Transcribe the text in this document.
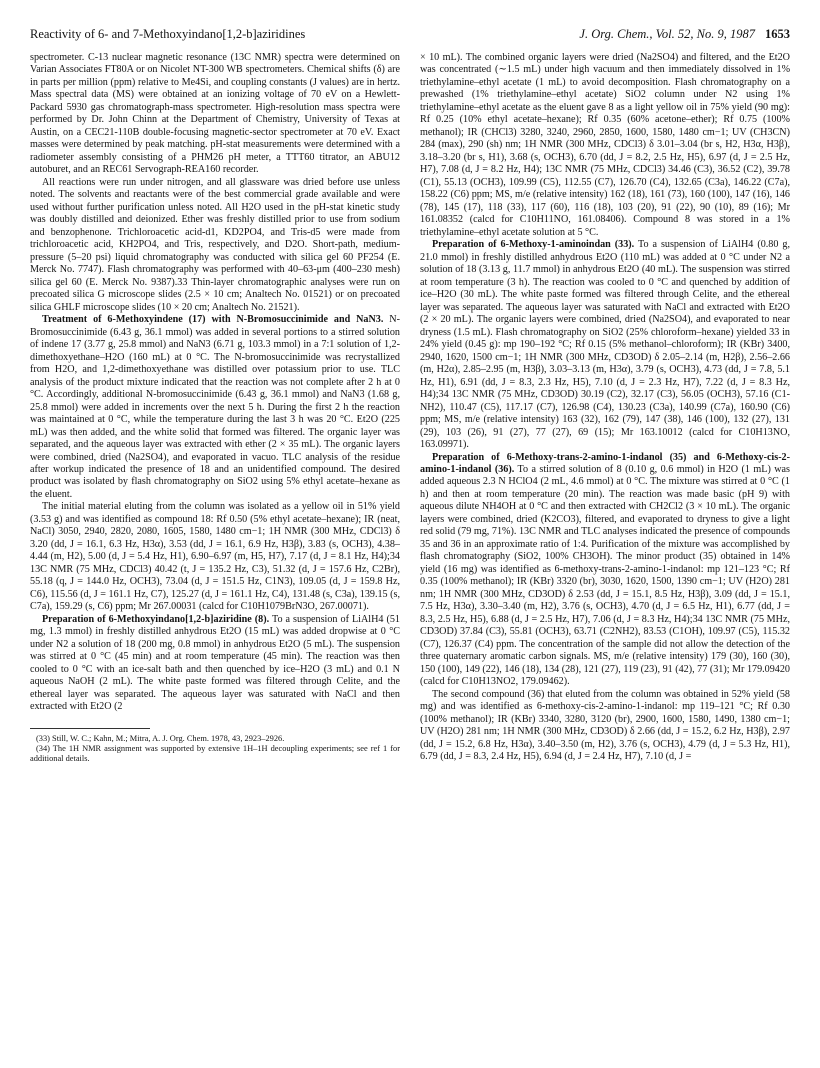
Reactivity of 6- and 7-Methoxyindano[1,2-b]aziridines	J. Org. Chem., Vol. 52, No. 9, 1987 1653

spectrometer. C-13 nuclear magnetic resonance (13C NMR) spectra were determined on Varian Associates FT80A or on Nicolet NT-300 WB spectrometers. Chemical shifts (δ) are in parts per million (ppm) relative to Me4Si, and coupling constants (J values) are in hertz. Mass spectral data (MS) were obtained at an ionizing voltage of 70 eV on a Hewlett-Packard 5930 gas chromatograph-mass spectrometer. High-resolution mass spectra were performed by Dr. John Chinn at the Department of Chemistry, University of Texas at Austin, on a CEC21-110B double-focusing magnetic-sector spectrometer at 70 eV. Exact masses were determined by peak matching. pH-stat measurements were determined with a radiometer assembly consisting of a PHM26 pH meter, a TTT60 titrator, an ABU12 autoburet, and an REC61 Servograph-REA160 recorder.

All reactions were run under nitrogen, and all glassware was dried before use unless noted. The solvents and reactants were of the best commercial grade available and were used without further purification unless noted. All H2O used in the pH-stat kinetic study was doubly distilled and deionized. Ether was freshly distilled prior to use from sodium and benzophenone. Trichloroacetic acid-d1, KD2PO4, and Tris-d5 were made from trichloroacetic acid, KH2PO4, and Tris, respectively, and D2O. Short-path, medium-pressure (5–20 psi) liquid chromatography was conducted with silica gel 60 PF254 (E. Merck No. 7747). Flash chromatography was performed with 40–63-μm (400–230 mesh) silica gel 60 (E. Merck No. 9387).33 Thin-layer chromatographic analyses were run on precoated silica G microscope slides (2.5 × 10 cm; Analtech No. 01521) or on precoated silica GHLF microscope slides (10 × 20 cm; Analtech No. 21521).

Treatment of 6-Methoxyindene (17) with N-Bromosuccinimide and NaN3. N-Bromosuccinimide (6.43 g, 36.1 mmol) was added in several portions to a stirred solution of indene 17 (3.77 g, 25.8 mmol) and NaN3 (6.71 g, 103.3 mmol) in a 7:1 solution of 1,2-dimethoxyethane–H2O (160 mL) at 0 °C. The N-bromosuccinimide was recrystallized from H2O, and 1,2-dimethoxyethane was distilled over potassium prior to use. TLC analysis of the product mixture indicated that the reaction was not complete after 2 h at 0 °C. Accordingly, additional N-bromosuccinimide (6.43 g, 36.1 mmol) and NaN3 (1.68 g, 25.8 mmol) were added in increments over the next 5 h. During the first 2 h the reaction was maintained at 0 °C, while the temperature during the last 3 h was 20 °C. Et2O (225 mL) was then added, and the white solid that formed was filtered. The organic layer was separated, and the aqueous layer was extracted with ether (2 × 35 mL). The organic layers were combined, dried (Na2SO4), and evaporated in vacuo. TLC analysis of the residue after workup indicated the presence of 18 and an unidentified compound. The desired product was isolated by flash chromatography on SiO2 using 5% ethyl acetate–hexane as the eluent.

The initial material eluting from the column was isolated as a yellow oil in 51% yield (3.53 g) and was identified as compound 18: Rf 0.50 (5% ethyl acetate–hexane); IR (neat, NaCl) 3050, 2940, 2820, 2080, 1605, 1580, 1480 cm−1; 1H NMR (300 MHz, CDCl3) δ 3.20 (dd, J = 16.1, 6.3 Hz, H3α), 3.53 (dd, J = 16.1, 6.9 Hz, H3β), 3.83 (s, OCH3), 4.38–4.44 (m, H2), 5.00 (d, J = 5.4 Hz, H1), 6.90–6.97 (m, H5, H7), 7.17 (d, J = 8.1 Hz, H4);34 13C NMR (75 MHz, CDCl3) 40.42 (t, J = 135.2 Hz, C3), 51.32 (d, J = 157.6 Hz, C2Br), 55.18 (q, J = 144.0 Hz, OCH3), 73.04 (d, J = 151.5 Hz, C1N3), 109.05 (d, J = 159.8 Hz, C6), 115.56 (d, J = 161.1 Hz, C7), 125.27 (d, J = 161.1 Hz, C4), 131.48 (s, C3a), 139.15 (s, C7a), 159.29 (s, C6) ppm; Mr 267.00031 (calcd for C10H1079BrN3O, 267.00071).

Preparation of 6-Methoxyindano[1,2-b]aziridine (8). To a suspension of LiAlH4 (51 mg, 1.3 mmol) in freshly distilled anhydrous Et2O (15 mL) was added dropwise at 0 °C under N2 a solution of 18 (200 mg, 0.8 mmol) in anhydrous Et2O (5 mL). The suspension was stirred at 0 °C (45 min) and at room temperature (45 min). The reaction was then cooled to 0 °C with an ice-salt bath and then quenched by ice–H2O (3 mL) and 0.1 N aqueous NaOH (2 mL). The white paste formed was filtered through Celite, and the ethereal layer was separated. The aqueous layer was saturated with NaCl and then extracted with Et2O (2

(33) Still, W. C.; Kahn, M.; Mitra, A. J. Org. Chem. 1978, 43, 2923–2926.

(34) The 1H NMR assignment was supported by extensive 1H–1H decoupling experiments; see ref 1 for additional details.

× 10 mL). The combined organic layers were dried (Na2SO4) and filtered, and the Et2O was concentrated (∼1.5 mL) under high vacuum and then immediately dissolved in 1% triethylamine–ethyl acetate (1 mL) to avoid decomposition. Flash chromatography on a prewashed (1% triethylamine–ethyl acetate) SiO2 column under N2 using 1% triethylamine–ethyl acetate as the eluent gave 8 as a light yellow oil in 75% yield (90 mg): Rf 0.25 (10% ethyl acetate–hexane); Rf 0.35 (60% acetone–ether); Rf 0.75 (100% methanol); IR (CHCl3) 3280, 3240, 2960, 2850, 1600, 1580, 1480 cm−1; UV (CH3CN) 284 (max), 290 (sh) nm; 1H NMR (300 MHz, CDCl3) δ 3.01–3.04 (br s, H2, H3α, H3β), 3.18–3.20 (br s, H1), 3.68 (s, OCH3), 6.70 (dd, J = 8.2, 2.5 Hz, H5), 6.97 (d, J = 2.5 Hz, H7), 7.08 (d, J = 8.2 Hz, H4); 13C NMR (75 MHz, CDCl3) 34.46 (C3), 36.52 (C2), 39.78 (C1), 55.13 (OCH3), 109.99 (C5), 112.55 (C7), 126.70 (C4), 132.65 (C3a), 146.22 (C7a), 158.22 (C6) ppm; MS, m/e (relative intensity) 162 (18), 161 (73), 160 (100), 147 (16), 146 (78), 145 (17), 118 (33), 117 (60), 116 (18), 103 (20), 91 (22), 90 (10), 89 (16); Mr 161.08352 (calcd for C10H11NO, 161.08406). Compound 8 was stored in a 1% triethylamine–ethyl acetate solution at 5 °C.

Preparation of 6-Methoxy-1-aminoindan (33). To a suspension of LiAlH4 (0.80 g, 21.0 mmol) in freshly distilled anhydrous Et2O (110 mL) was added at 0 °C under N2 a solution of 18 (3.13 g, 11.7 mmol) in anhydrous Et2O (40 mL). The suspension was stirred at room temperature (3 h). The reaction was cooled to 0 °C and quenched by addition of ice–H2O (30 mL). The white paste formed was filtered through Celite, and the ethereal layer was separated. The aqueous layer was saturated with NaCl and extracted with Et2O (2 × 20 mL). The organic layers were combined, dried (Na2SO4), and evaporated to near dryness (1.5 mL). Flash chromatography on SiO2 (25% chloroform–hexane) yielded 33 in 24% yield (0.45 g): mp 190–192 °C; Rf 0.15 (5% methanol–chloroform); IR (KBr) 3400, 2940, 1620, 1500 cm−1; 1H NMR (300 MHz, CD3OD) δ 2.05–2.14 (m, H2β), 2.56–2.66 (m, H2α), 2.85–2.95 (m, H3β), 3.03–3.13 (m, H3α), 3.79 (s, OCH3), 4.73 (dd, J = 7.8, 5.1 Hz, H1), 6.91 (dd, J = 8.3, 2.3 Hz, H5), 7.10 (d, J = 2.3 Hz, H7), 7.22 (d, J = 8.3 Hz, H4);34 13C NMR (75 MHz, CD3OD) 30.19 (C2), 32.17 (C3), 56.05 (OCH3), 57.16 (C1-NH2), 110.47 (C5), 117.17 (C7), 126.98 (C4), 130.23 (C3a), 140.99 (C7a), 160.90 (C6) ppm; MS, m/e (relative intensity) 163 (32), 162 (79), 147 (38), 146 (100), 132 (27), 131 (29), 103 (26), 91 (27), 77 (27), 69 (15); Mr 163.10012 (calcd for C10H13NO, 163.09971).

Preparation of 6-Methoxy-trans-2-amino-1-indanol (35) and 6-Methoxy-cis-2-amino-1-indanol (36). To a stirred solution of 8 (0.10 g, 0.6 mmol) in H2O (1 mL) was added aqueous 2.3 N HClO4 (2 mL, 4.6 mmol) at 0 °C. The mixture was stirred at 0 °C (1 h) and then at room temperature (20 min). The reaction was made basic (pH 9) with aqueous dilute NH4OH at 0 °C and then extracted with CH2Cl2 (3 × 10 mL). The organic layers were combined, dried (K2CO3), filtered, and evaporated to dryness to give a light red solid (79 mg, 71%). 13C NMR and TLC analyses indicated the presence of compounds 35 and 36 in an approximate ratio of 1:4. Purification of the mixture was accomplished by flash chromatography (SiO2, 100% CH3OH). The minor product (35) obtained in 14% yield (16 mg) was identified as 6-methoxy-trans-2-amino-1-indanol: mp 121–123 °C; Rf 0.35 (100% methanol); IR (KBr) 3320 (br), 3030, 1620, 1500, 1390 cm−1; UV (H2O) 281 nm; 1H NMR (300 MHz, CD3OD) δ 2.53 (dd, J = 15.1, 8.5 Hz, H3β), 3.09 (dd, J = 15.1, 7.5 Hz, H3α), 3.30–3.40 (m, H2), 3.76 (s, OCH3), 4.70 (d, J = 6.5 Hz, H1), 6.77 (dd, J = 8.3, 2.5 Hz, H5), 6.88 (d, J = 2.5 Hz, H7), 7.06 (d, J = 8.3 Hz, H4);34 13C NMR (75 MHz, CD3OD) 37.84 (C3), 55.81 (OCH3), 63.71 (C2NH2), 83.53 (C1OH), 109.97 (C5), 115.32 (C7), 126.37 (C4) ppm. The concentration of the sample did not allow the detection of the three quaternary aromatic carbon signals. MS, m/e (relative intensity) 179 (30), 160 (30), 150 (100), 149 (22), 146 (18), 134 (28), 121 (27), 119 (23), 91 (42), 77 (31); Mr 179.09420 (calcd for C10H13NO2, 179.09462).

The second compound (36) that eluted from the column was obtained in 52% yield (58 mg) and was identified as 6-methoxy-cis-2-amino-1-indanol: mp 119–121 °C; Rf 0.30 (100% methanol); IR (KBr) 3340, 3280, 3120 (br), 2900, 1600, 1580, 1490, 1380 cm−1; UV (H2O) 281 nm; 1H NMR (300 MHz, CD3OD) δ 2.66 (dd, J = 15.2, 6.2 Hz, H3β), 2.97 (dd, J = 15.2, 6.8 Hz, H3α), 3.40–3.50 (m, H2), 3.76 (s, OCH3), 4.79 (d, J = 5.3 Hz, H1), 6.79 (dd, J = 8.3, 2.4 Hz, H5), 6.94 (d, J = 2.4 Hz, H7), 7.10 (d, J =
